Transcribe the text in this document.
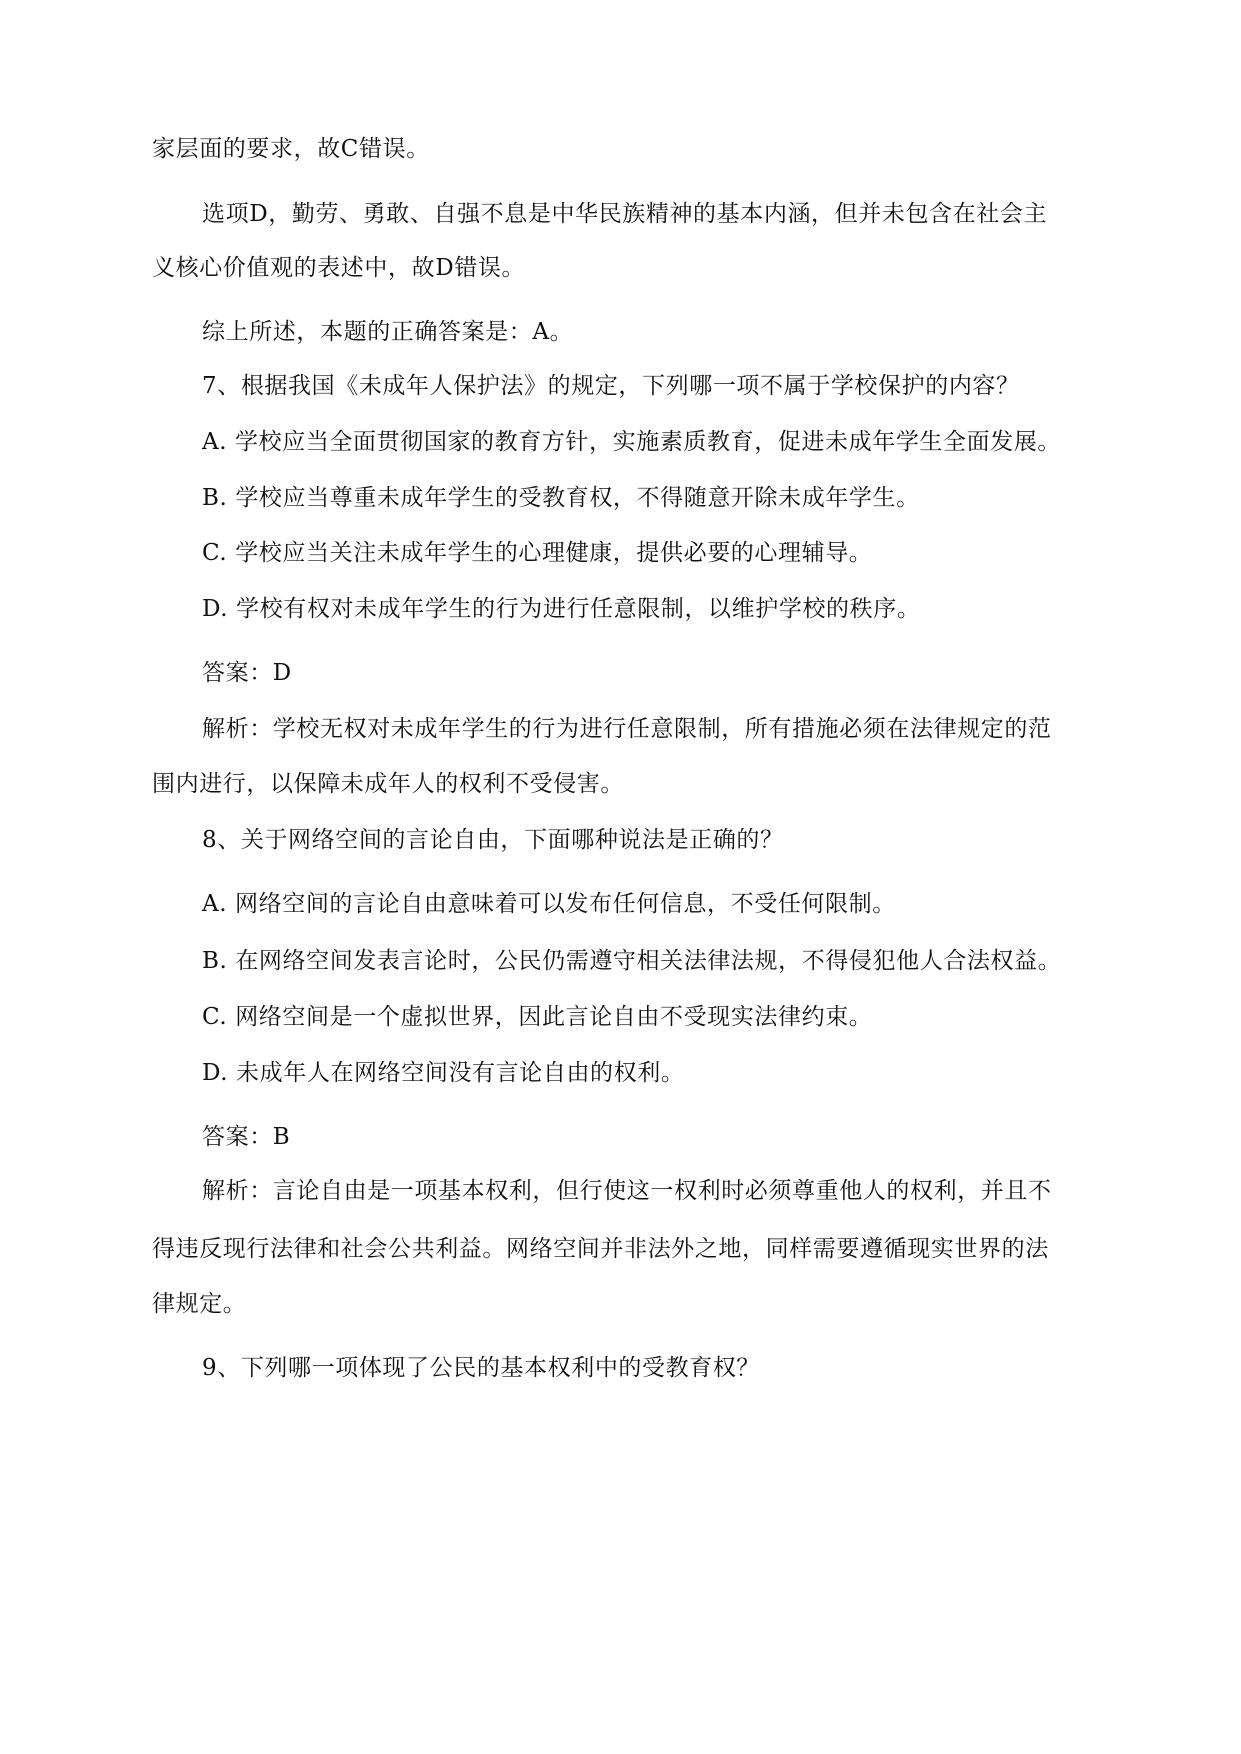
家层面的要求，故C错误。

选项D，勤劳、勇敢、自强不息是中华民族精神的基本内涵，但并未包含在社会主

义核心价值观的表述中，故D错误。

综上所述，本题的正确答案是：A。

7、根据我国《未成年人保护法》的规定，下列哪一项不属于学校保护的内容？

A. 学校应当全面贯彻国家的教育方针，实施素质教育，促进未成年学生全面发展。

B. 学校应当尊重未成年学生的受教育权，不得随意开除未成年学生。

C. 学校应当关注未成年学生的心理健康，提供必要的心理辅导。

D. 学校有权对未成年学生的行为进行任意限制，以维护学校的秩序。

答案：D

解析：学校无权对未成年学生的行为进行任意限制，所有措施必须在法律规定的范

围内进行，以保障未成年人的权利不受侵害。

8、关于网络空间的言论自由，下面哪种说法是正确的？

A. 网络空间的言论自由意味着可以发布任何信息，不受任何限制。

B. 在网络空间发表言论时，公民仍需遵守相关法律法规，不得侵犯他人合法权益。

C. 网络空间是一个虚拟世界，因此言论自由不受现实法律约束。

D. 未成年人在网络空间没有言论自由的权利。

答案：B

解析：言论自由是一项基本权利，但行使这一权利时必须尊重他人的权利，并且不

得违反现行法律和社会公共利益。网络空间并非法外之地，同样需要遵循现实世界的法

律规定。

9、下列哪一项体现了公民的基本权利中的受教育权？
